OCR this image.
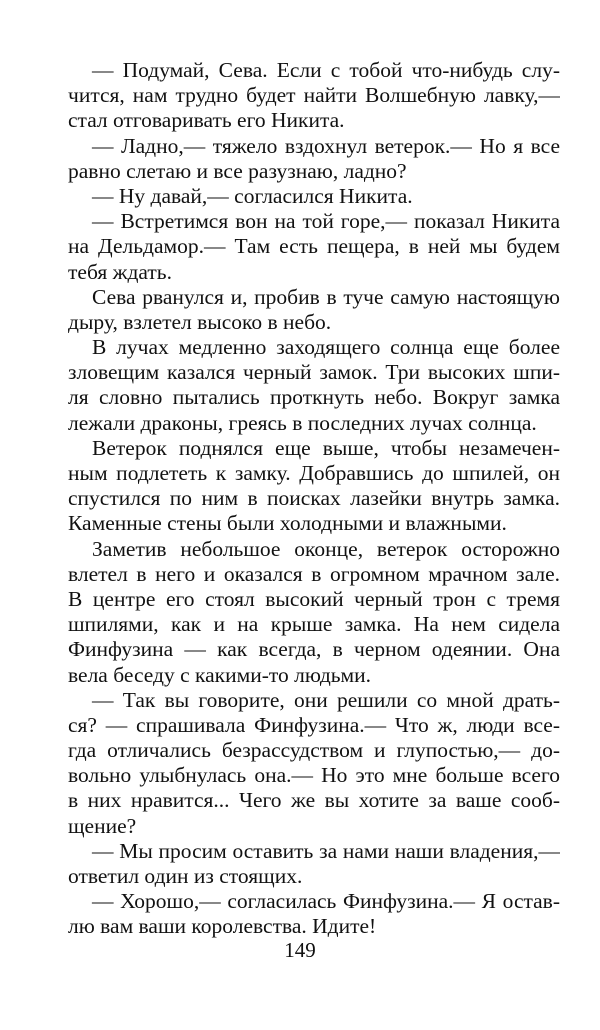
— Подумай, Сева. Если с тобой что-нибудь слу-
чится, нам трудно будет найти Волшебную лавку,—
стал отговаривать его Никита.
— Ладно,— тяжело вздохнул ветерок.— Но я все
равно слетаю и все разузнаю, ладно?
— Ну давай,— согласился Никита.
— Встретимся вон на той горе,— показал Никита
на Дельдамор.— Там есть пещера, в ней мы будем
тебя ждать.
Сева рванулся и, пробив в туче самую настоящую
дыру, взлетел высоко в небо.
В лучах медленно заходящего солнца еще более
зловещим казался черный замок. Три высоких шпи-
ля словно пытались проткнуть небо. Вокруг замка
лежали драконы, греясь в последних лучах солнца.
Ветерок поднялся еще выше, чтобы незамечен-
ным подлететь к замку. Добравшись до шпилей, он
спустился по ним в поисках лазейки внутрь замка.
Каменные стены были холодными и влажными.
Заметив небольшое оконце, ветерок осторожно
влетел в него и оказался в огромном мрачном зале.
В центре его стоял высокий черный трон с тремя
шпилями, как и на крыше замка. На нем сидела
Финфузина — как всегда, в черном одеянии. Она
вела беседу с какими-то людьми.
— Так вы говорите, они решили со мной драть-
ся? — спрашивала Финфузина.— Что ж, люди все-
гда отличались безрассудством и глупостью,— до-
вольно улыбнулась она.— Но это мне больше всего
в них нравится... Чего же вы хотите за ваше сооб-
щение?
— Мы просим оставить за нами наши владения,—
ответил один из стоящих.
— Хорошо,— согласилась Финфузина.— Я остав-
лю вам ваши королевства. Идите!
149
